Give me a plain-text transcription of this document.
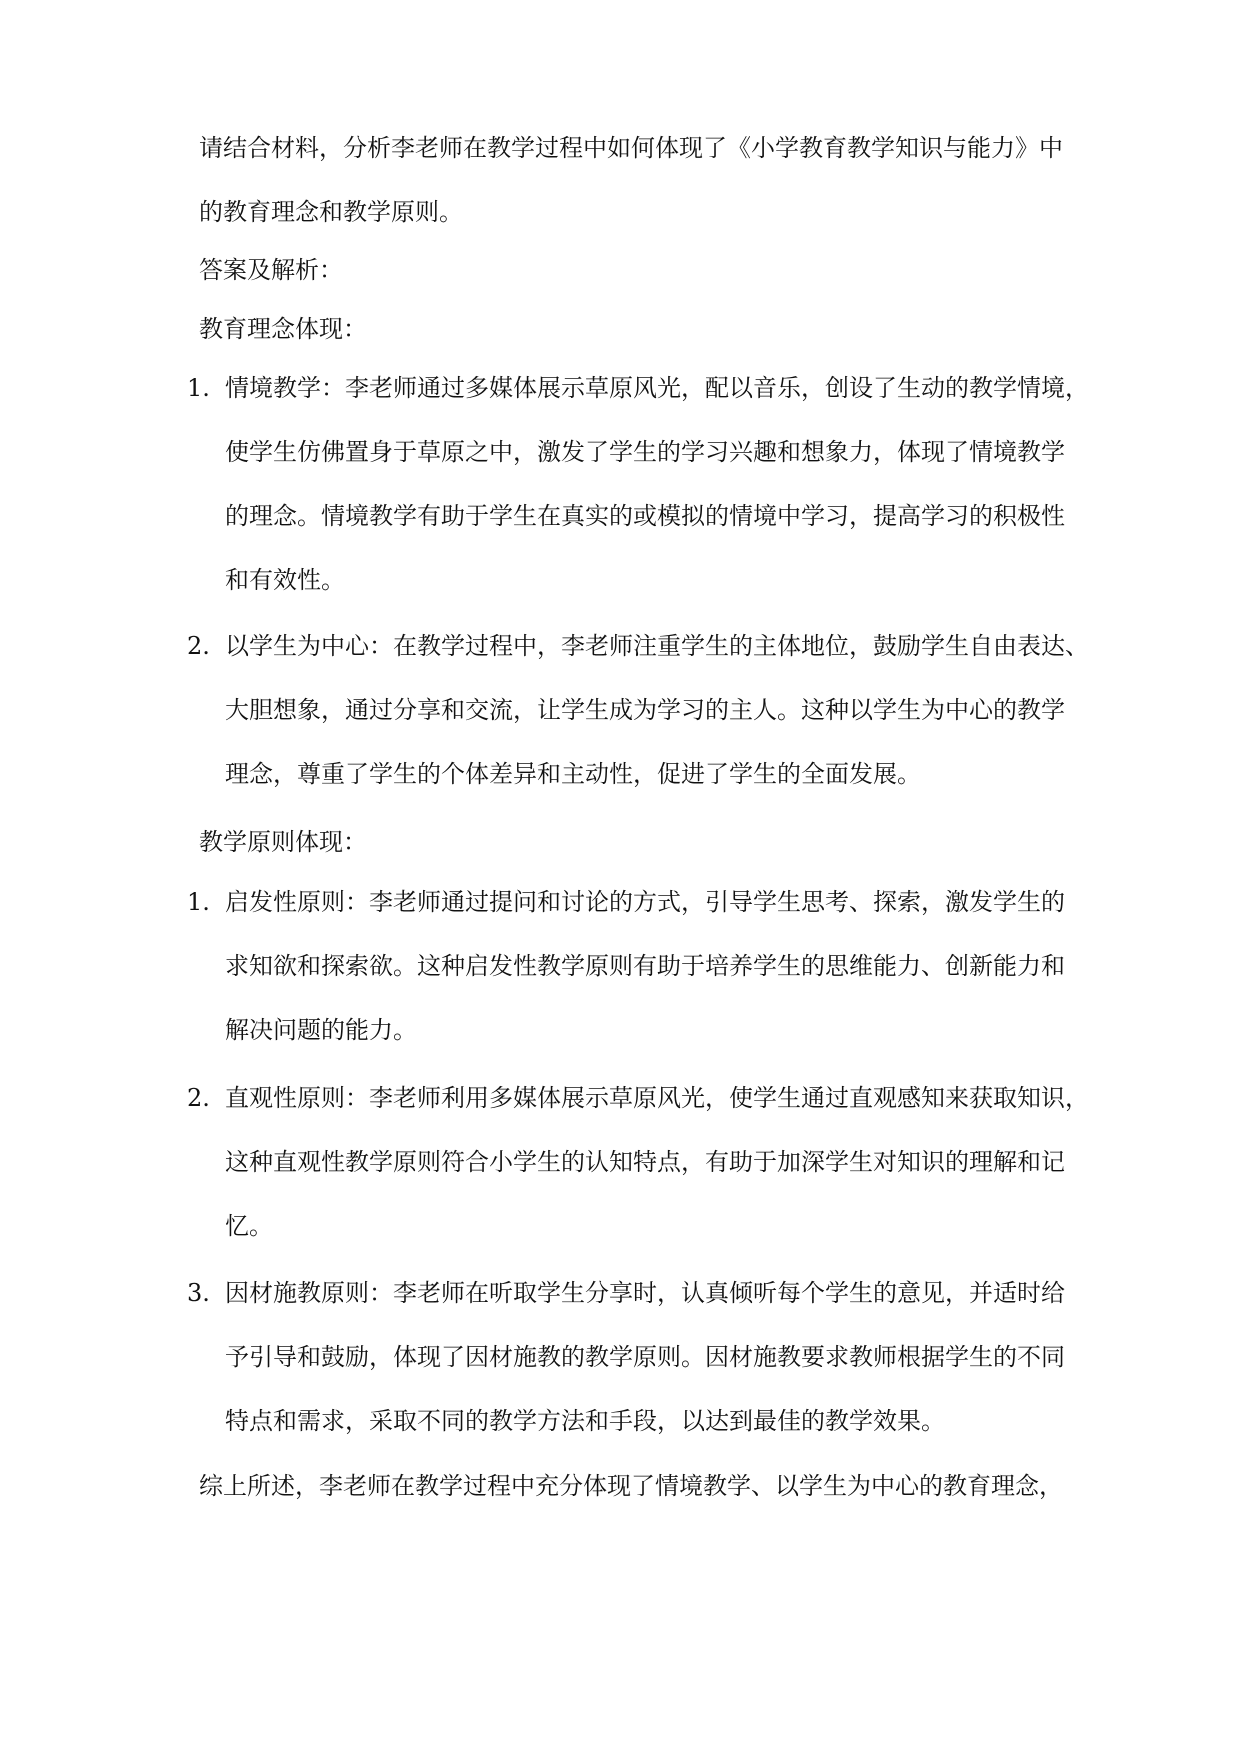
请结合材料，分析李老师在教学过程中如何体现了《小学教育教学知识与能力》中
的教育理念和教学原则。

答案及解析：

教育理念体现：

1. 情境教学：李老师通过多媒体展示草原风光，配以音乐，创设了生动的教学情境，
使学生仿佛置身于草原之中，激发了学生的学习兴趣和想象力，体现了情境教学
的理念。情境教学有助于学生在真实的或模拟的情境中学习，提高学习的积极性
和有效性。
2. 以学生为中心：在教学过程中，李老师注重学生的主体地位，鼓励学生自由表达、
大胆想象，通过分享和交流，让学生成为学习的主人。这种以学生为中心的教学
理念，尊重了学生的个体差异和主动性，促进了学生的全面发展。

教学原则体现：

1. 启发性原则：李老师通过提问和讨论的方式，引导学生思考、探索，激发学生的
求知欲和探索欲。这种启发性教学原则有助于培养学生的思维能力、创新能力和
解决问题的能力。
2. 直观性原则：李老师利用多媒体展示草原风光，使学生通过直观感知来获取知识，
这种直观性教学原则符合小学生的认知特点，有助于加深学生对知识的理解和记
忆。
3. 因材施教原则：李老师在听取学生分享时，认真倾听每个学生的意见，并适时给
予引导和鼓励，体现了因材施教的教学原则。因材施教要求教师根据学生的不同
特点和需求，采取不同的教学方法和手段，以达到最佳的教学效果。

综上所述，李老师在教学过程中充分体现了情境教学、以学生为中心的教育理念，
